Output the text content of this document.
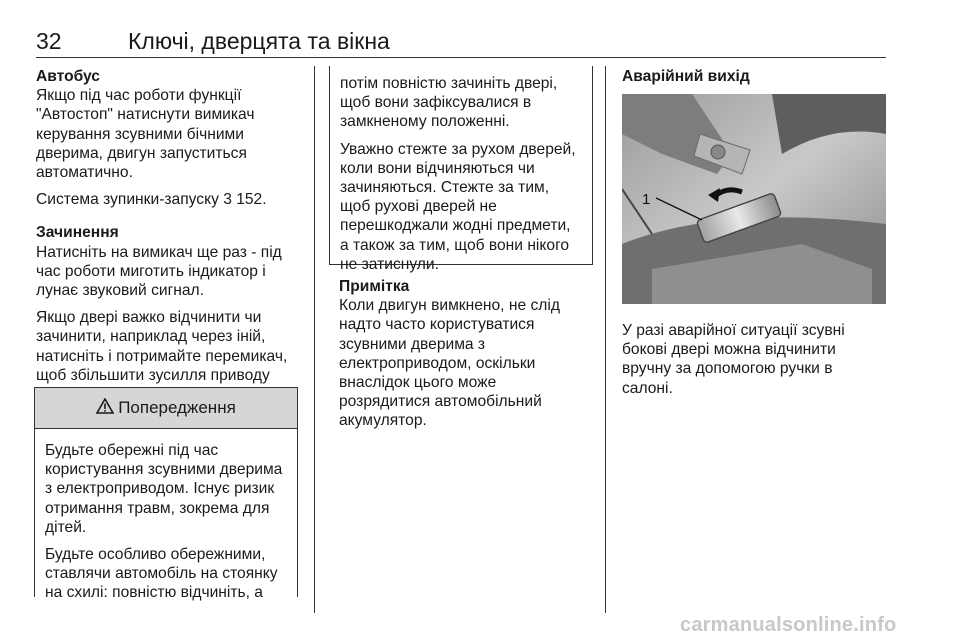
32	Ключі, дверцята та вікна

Автобус
Якщо під час роботи функції "Автостоп" натиснути вимикач керування зсувними бічними дверима, двигун запуститься автоматично.

Система зупинки-запуску 3 152.

Зачинення
Натисніть на вимикач ще раз - під час роботи миготить індикатор і лунає звуковий сигнал.

Якщо двері важко відчинити чи зачинити, наприклад через іній, натисніть і потримайте перемикач, щоб збільшити зусилля приводу

Попередження

Будьте обережні під час користування зсувними дверима з електроприводом. Існує ризик отримання травм, зокрема для дітей.

Будьте особливо обережними, ставлячи автомобіль на стоянку на схилі: повністю відчиніть, а

потім повністю зачиніть двері, щоб вони зафіксувалися в замкненому положенні.

Уважно стежте за рухом дверей, коли вони відчиняються чи зачиняються. Стежте за тим, щоб рухові дверей не перешкоджали жодні предмети, а також за тим, щоб вони нікого не затиснули.

Примітка
Коли двигун вимкнено, не слід надто часто користуватися зсувними дверима з електроприводом, оскільки внаслідок цього може розрядитися автомобільний акумулятор.

Аварійний вихід
1

У разі аварійної ситуації зсувні бокові двері можна відчинити вручну за допомогою ручки в салоні.

carmanualsonline.info
